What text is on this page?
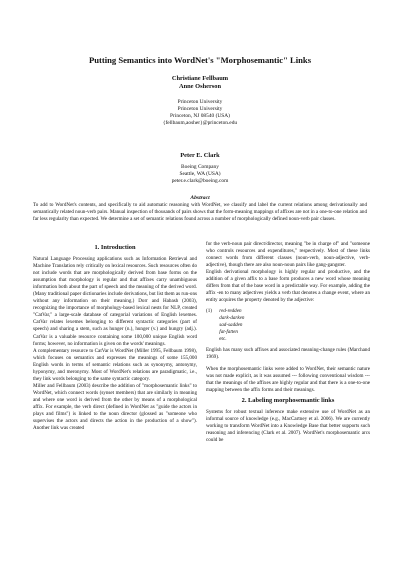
Putting Semantics into WordNet's "Morphosemantic" Links
Christiane Fellbaum
Anne Osherson
Princeton University
Princeton University
Princeton, NJ 08540 (USA)
{fellbaum,aosher}@princeton.edu
Peter E. Clark
Boeing Company
Seattle, WA (USA)
peter.e.clark@boeing.com
Abstract
To add to WordNet's contents, and specifically to aid automatic reasoning with WordNet, we classify and label the current relations among derivationally and semantically related noun-verb pairs. Manual inspection of thousands of pairs shows that the form-meaning mappings of affixes are not in a one-to-one relation and far less regularity than expected. We determine a set of semantic relations found across a number of morphologically defined noun-verb pair classes.
1. Introduction

Natural Language Processing applications such as Information Retrieval and Machine Translation rely critically on lexical resources. Such resources often do not include words that are morphologically derived from base forms on the assumption that morphology is regular and that affixes carry unambiguous information both about the part of speech and the meaning of the derived word. (Many traditional paper dictionaries include derivations, but list them as run-ons without any information on their meaning.) Dorr and Habash (2003), recognizing the importance of morphology-based lexical nests for NLP, created "CatVar," a large-scale database of categorial variations of English lexemes. CatVar relates lexemes belonging to different syntactic categories (part of speech) and sharing a stem, such as hunger (n.), hunger (v.) and hungry (adj.). CatVar is a valuable resource containing some 100,000 unique English word forms; however, no information is given on the words' meanings.

A complementary resource to CatVar is WordNet (Miller 1995, Fellbaum 1998), which focuses on semantics and expresses the meanings of some 155,000 English words in terms of semantic relations such as synonymy, antonymy, hyponymy, and meronymy. Most of WordNet's relations are paradigmatic, i.e., they link words belonging to the same syntactic category.

Miller and Fellbaum (2003) describe the addition of "morphosemantic links" to WordNet, which connect words (synset members) that are similarly in meaning and where one word is derived from the other by means of a morphological affix. For example, the verb direct (defined in WordNet as "guide the actors in plays and films") is linked to the noun director (glossed as "someone who supervises the actors and directs the action in the production of a show"). Another link was created

for the verb-noun pair direct/director, meaning "be in charge of" and "someone who controls resources and expenditures," respectively. Most of these links connect words from different classes (noun-verb, noun-adjective, verb-adjective), though there are also noun-noun pairs like gang-gangster.

English derivational morphology is highly regular and productive, and the addition of a given affix to a base form produces a new word whose meaning differs from that of the base word in a predictable way. For example, adding the affix -en to many adjectives yields a verb that denotes a change event, where an entity acquires the property denoted by the adjective:

(1) red-redden
dark-darken
sad-sadden
fat-fatten
etc.

English has many such affixes and associated meaning-change rules (Marchand 1969).

When the morphosemantic links were added to WordNet, their semantic nature was not made explicit, as it was assumed --- following conventional wisdom --- that the meanings of the affixes are highly regular and that there is a one-to-one mapping between the affix forms and their meanings.

2. Labeling morphosemantic links

Systems for robust textual inference make extensive use of WordNet as an informal source of knowledge (e.g., MacCartney et al. 2006). We are currently working to transform WordNet into a Knowledge Base that better supports such reasoning and inferencing (Clark et al. 2007). WordNet's morphosemantic arcs could be
